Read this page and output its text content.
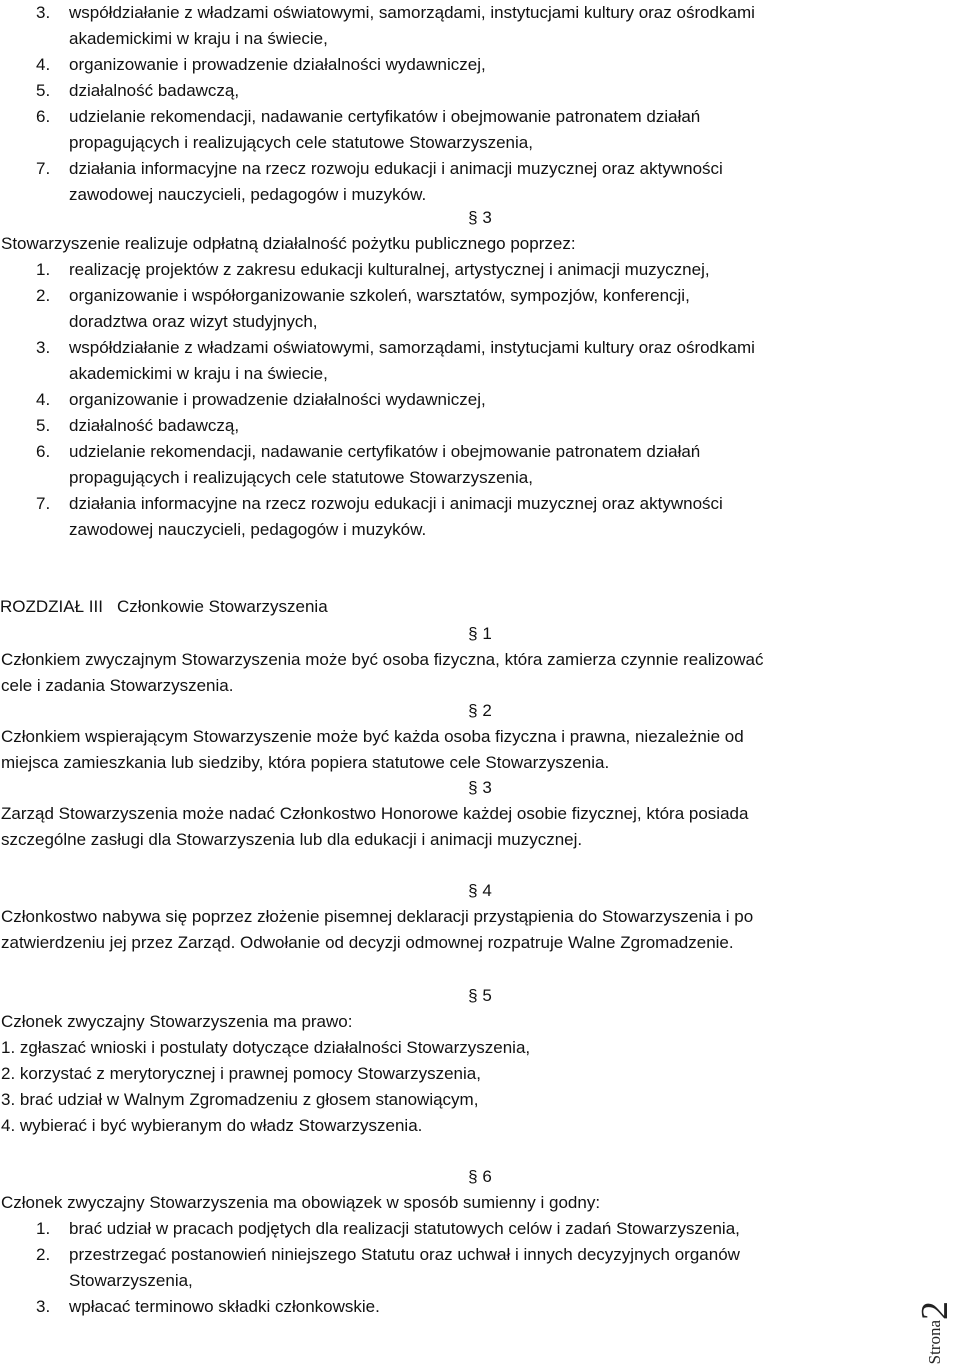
3. współdziałanie z władzami oświatowymi, samorządami, instytucjami kultury oraz ośrodkami
akademickimi w kraju i na świecie,
4. organizowanie i prowadzenie działalności wydawniczej,
5. działalność badawczą,
6. udzielanie rekomendacji, nadawanie certyfikatów i obejmowanie patronatem działań
propagujących i realizujących cele statutowe Stowarzyszenia,
7. działania informacyjne na rzecz rozwoju edukacji i animacji muzycznej oraz aktywności
zawodowej nauczycieli, pedagogów i muzyków.
§ 3
Stowarzyszenie realizuje odpłatną działalność pożytku publicznego poprzez:
1. realizację projektów z zakresu edukacji kulturalnej, artystycznej i animacji muzycznej,
2. organizowanie i współorganizowanie szkoleń, warsztatów, sympozjów, konferencji,
doradztwa oraz wizyt studyjnych,
3. współdziałanie z władzami oświatowymi, samorządami, instytucjami kultury oraz ośrodkami
akademickimi w kraju i na świecie,
4. organizowanie i prowadzenie działalności wydawniczej,
5. działalność badawczą,
6. udzielanie rekomendacji, nadawanie certyfikatów i obejmowanie patronatem działań
propagujących i realizujących cele statutowe Stowarzyszenia,
7. działania informacyjne na rzecz rozwoju edukacji i animacji muzycznej oraz aktywności
zawodowej nauczycieli, pedagogów i muzyków.
ROZDZIAŁ III Członkowie Stowarzyszenia
§ 1
Członkiem zwyczajnym Stowarzyszenia może być osoba fizyczna, która zamierza czynnie realizować
cele i zadania Stowarzyszenia.
§ 2
Członkiem wspierającym Stowarzyszenie może być każda osoba fizyczna i prawna, niezależnie od
miejsca zamieszkania lub siedziby, która popiera statutowe cele Stowarzyszenia.
§ 3
Zarząd Stowarzyszenia może nadać Członkostwo Honorowe każdej osobie fizycznej, która posiada
szczególne zasługi dla Stowarzyszenia lub dla edukacji i animacji muzycznej.
§ 4
Członkostwo nabywa się poprzez złożenie pisemnej deklaracji przystąpienia do Stowarzyszenia i po
zatwierdzeniu jej przez Zarząd. Odwołanie od decyzji odmownej rozpatruje Walne Zgromadzenie.
§ 5
Członek zwyczajny Stowarzyszenia ma prawo:
1. zgłaszać wnioski i postulaty dotyczące działalności Stowarzyszenia,
2. korzystać z merytorycznej i prawnej pomocy Stowarzyszenia,
3. brać udział w Walnym Zgromadzeniu z głosem stanowiącym,
4. wybierać i być wybieranym do władz Stowarzyszenia.
§ 6
Członek zwyczajny Stowarzyszenia ma obowiązek w sposób sumienny i godny:
1. brać udział w pracach podjętych dla realizacji statutowych celów i zadań Stowarzyszenia,
2. przestrzegać postanowień niniejszego Statutu oraz uchwał i innych decyzyjnych organów
Stowarzyszenia,
3. wpłacać terminowo składki członkowskie.
Strona2
